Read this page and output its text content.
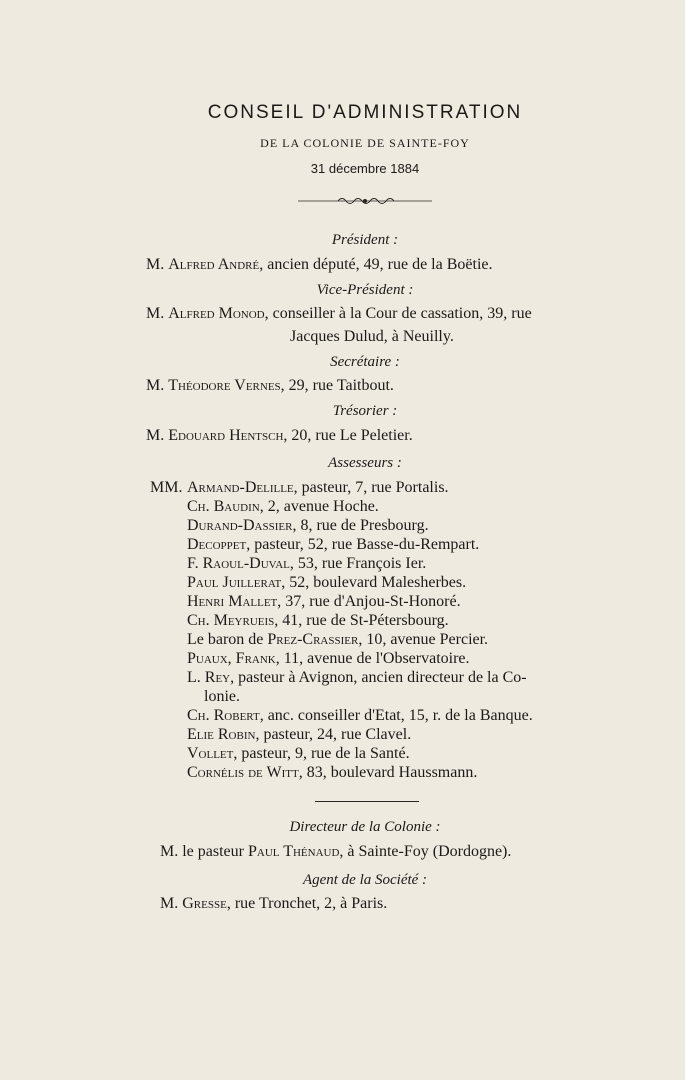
CONSEIL D'ADMINISTRATION
DE LA COLONIE DE SAINTE-FOY
31 décembre 1884
Président :
M. Alfred André, ancien député, 49, rue de la Boëtie.
Vice-Président :
M. Alfred Monod, conseiller à la Cour de cassation, 39, rue
Jacques Dulud, à Neuilly.
Secrétaire :
M. Théodore Vernes, 29, rue Taitbout.
Trésorier :
M. Edouard Hentsch, 20, rue Le Peletier.
Assesseurs :
MM. Armand-Delille, pasteur, 7, rue Portalis.
Ch. Baudin, 2, avenue Hoche.
Durand-Dassier, 8, rue de Presbourg.
Decoppet, pasteur, 52, rue Basse-du-Rempart.
F. Raoul-Duval, 53, rue François Ier.
Paul Juillerat, 52, boulevard Malesherbes.
Henri Mallet, 37, rue d'Anjou-St-Honoré.
Ch. Meyrueis, 41, rue de St-Pétersbourg.
Le baron de Prez-Crassier, 10, avenue Percier.
Puaux, Frank, 11, avenue de l'Observatoire.
L. Rey, pasteur à Avignon, ancien directeur de la Co-
lonie.
Ch. Robert, anc. conseiller d'Etat, 15, r. de la Banque.
Elie Robin, pasteur, 24, rue Clavel.
Vollet, pasteur, 9, rue de la Santé.
Cornélis de Witt, 83, boulevard Haussmann.
Directeur de la Colonie :
M. le pasteur Paul Thénaud, à Sainte-Foy (Dordogne).
Agent de la Société :
M. Gresse, rue Tronchet, 2, à Paris.
